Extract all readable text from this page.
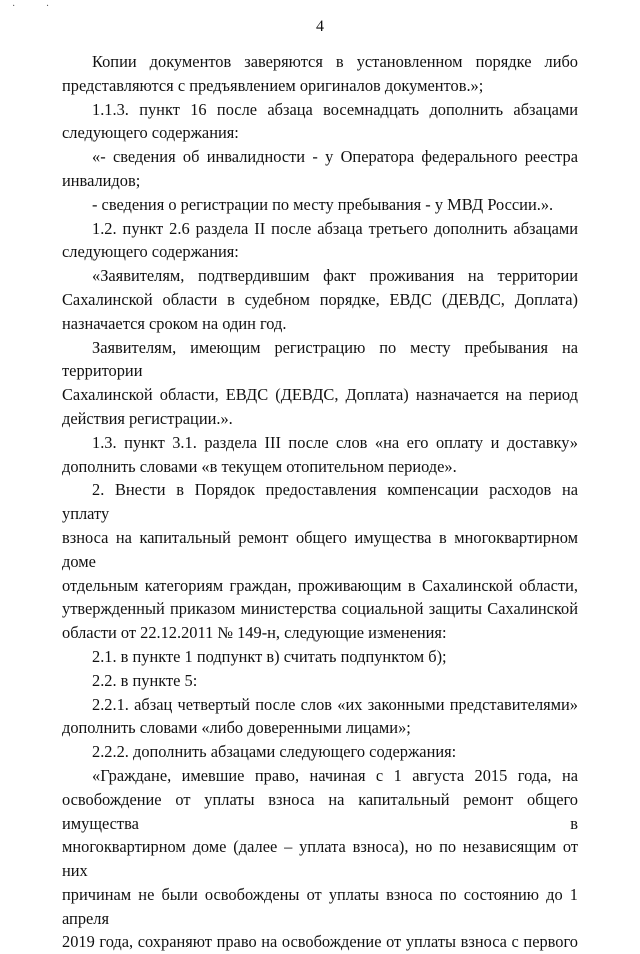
· ·
4
Копии документов заверяются в установленном порядке либо
представляются с предъявлением оригиналов документов.»;
1.1.3. пункт 16 после абзаца восемнадцать дополнить абзацами
следующего содержания:
«- сведения об инвалидности - у Оператора федерального реестра
инвалидов;
- сведения о регистрации по месту пребывания - у МВД России.».
1.2. пункт 2.6 раздела II после абзаца третьего дополнить абзацами
следующего содержания:
«Заявителям, подтвердившим факт проживания на территории
Сахалинской области в судебном порядке, ЕВДС (ДЕВДС, Доплата)
назначается сроком на один год.
Заявителям, имеющим регистрацию по месту пребывания на территории
Сахалинской области, ЕВДС (ДЕВДС, Доплата) назначается на период
действия регистрации.».
1.3. пункт 3.1. раздела III после слов «на его оплату и доставку»
дополнить словами «в текущем отопительном периоде».
2. Внести в Порядок предоставления компенсации расходов на уплату
взноса на капитальный ремонт общего имущества в многоквартирном доме
отдельным категориям граждан, проживающим в Сахалинской области,
утвержденный приказом министерства социальной защиты Сахалинской
области от 22.12.2011 № 149-н, следующие изменения:
2.1. в пункте 1 подпункт в) считать подпунктом б);
2.2. в пункте 5:
2.2.1. абзац четвертый после слов «их законными представителями»
дополнить словами «либо доверенными лицами»;
2.2.2. дополнить абзацами следующего содержания:
«Граждане, имевшие право, начиная с 1 августа 2015 года, на
освобождение от уплаты взноса на капитальный ремонт общего имущества в
многоквартирном доме (далее – уплата взноса), но по независящим от них
причинам не были освобождены от уплаты взноса по состоянию до 1 апреля
2019 года, сохраняют право на освобождение от уплаты взноса с первого
